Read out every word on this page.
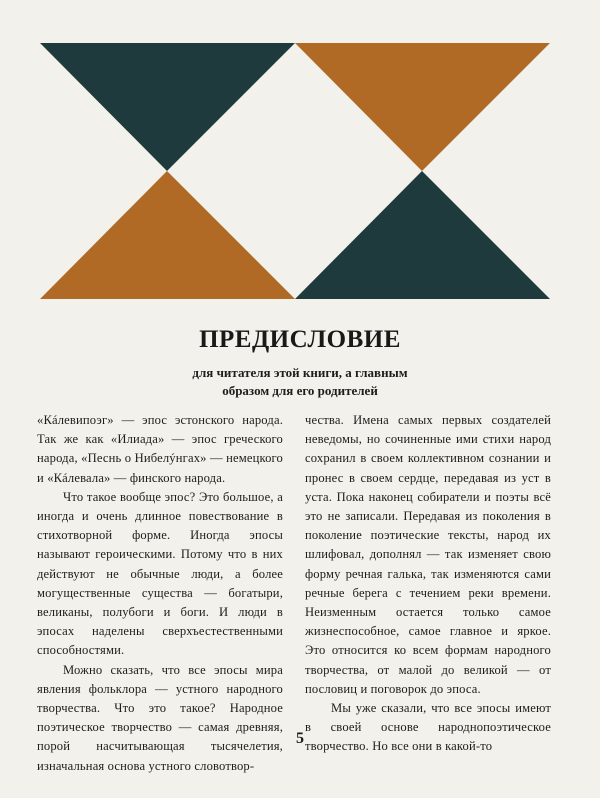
ПРЕДИСЛОВИЕ
для читателя этой книги, а главным
образом для его родителей

«Кáлевипоэг» — эпос эстонского народа. Так же как «Илиада» — эпос греческого народа, «Песнь о Нибелýнгах» — немецкого и «Кáлевала» — финского народа.

Что такое вообще эпос? Это большое, а иногда и очень длинное повествование в стихотворной форме. Иногда эпосы называют героическими. Потому что в них действуют не обычные люди, а более могущественные существа — богатыри, великаны, полубоги и боги. И люди в эпосах наделены сверхъестественными способностями.

Можно сказать, что все эпосы мира явления фольклора — устного народного творчества. Что это такое? Народное поэтическое творчество — самая древняя, порой насчитывающая тысячелетия, изначальная основа устного словотвор-

чества. Имена самых первых создателей неведомы, но сочиненные ими стихи народ сохранил в своем коллективном сознании и пронес в своем сердце, передавая из уст в уста. Пока наконец собиратели и поэты всё это не записали. Передавая из поколения в поколение поэтические тексты, народ их шлифовал, дополнял — так изменяет свою форму речная галька, так изменяются сами речные берега с течением реки времени. Неизменным остается только самое жизнеспособное, самое главное и яркое. Это относится ко всем формам народного творчества, от малой до великой — от пословиц и поговорок до эпоса.

Мы уже сказали, что все эпосы имеют в своей основе народнопоэтическое творчество. Но все они в какой-то

5
